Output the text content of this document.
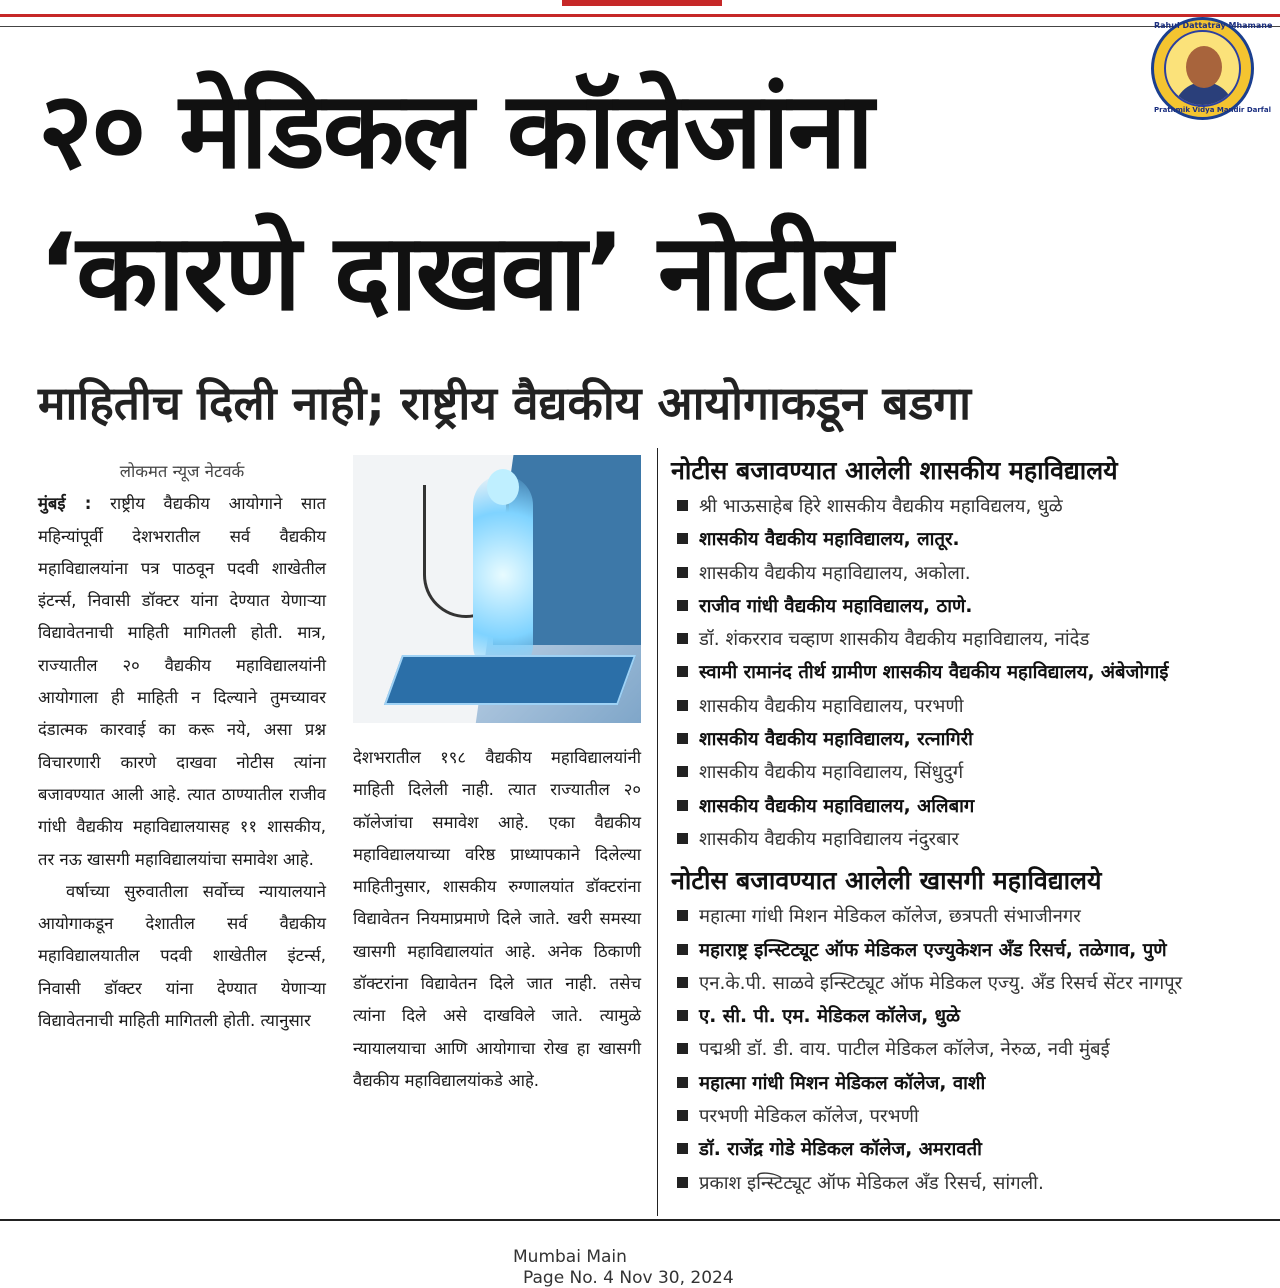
Rahul Dattatray Mhamane
Prathmik Vidya Mandir Darfal
२० मेडिकल कॉलेजांना
‘कारणे दाखवा’ नोटीस
माहितीच दिली नाही; राष्ट्रीय वैद्यकीय आयोगाकडून बडगा

लोकमत न्यूज नेटवर्क

मुंबई : राष्ट्रीय वैद्यकीय आयोगाने सात महिन्यांपूर्वी देशभरातील सर्व वैद्यकीय महाविद्यालयांना पत्र पाठवून पदवी शाखेतील इंटर्न्स, निवासी डॉक्टर यांना देण्यात येणाऱ्या विद्यावेतनाची माहिती मागितली होती. मात्र, राज्यातील २० वैद्यकीय महाविद्यालयांनी आयोगाला ही माहिती न दिल्याने तुमच्यावर दंडात्मक कारवाई का करू नये, असा प्रश्न विचारणारी कारणे दाखवा नोटीस त्यांना बजावण्यात आली आहे. त्यात ठाण्यातील राजीव गांधी वैद्यकीय महाविद्यालयासह ११ शासकीय, तर नऊ खासगी महाविद्यालयांचा समावेश आहे.

वर्षाच्या सुरुवातीला सर्वोच्च न्यायालयाने आयोगाकडून देशातील सर्व वैद्यकीय महाविद्यालयातील पदवी शाखेतील इंटर्न्स, निवासी डॉक्टर यांना देण्यात येणाऱ्या विद्यावेतनाची माहिती मागितली होती. त्यानुसार

देशभरातील १९८ वैद्यकीय महाविद्यालयांनी माहिती दिलेली नाही. त्यात राज्यातील २० कॉलेजांचा समावेश आहे. एका वैद्यकीय महाविद्यालयाच्या वरिष्ठ प्राध्यापकाने दिलेल्या माहितीनुसार, शासकीय रुग्णालयांत डॉक्टरांना विद्यावेतन नियमाप्रमाणे दिले जाते. खरी समस्या खासगी महाविद्यालयांत आहे. अनेक ठिकाणी डॉक्टरांना विद्यावेतन दिले जात नाही. तसेच त्यांना दिले असे दाखविले जाते. त्यामुळे न्यायालयाचा आणि आयोगाचा रोख हा खासगी वैद्यकीय महाविद्यालयांकडे आहे.

नोटीस बजावण्यात आलेली शासकीय महाविद्यालये
श्री भाऊसाहेब हिरे शासकीय वैद्यकीय महाविद्यलय, धुळे
शासकीय वैद्यकीय महाविद्यालय, लातूर.
शासकीय वैद्यकीय महाविद्यालय, अकोला.
राजीव गांधी वैद्यकीय महाविद्यालय, ठाणे.
डॉ. शंकरराव चव्हाण शासकीय वैद्यकीय महाविद्यालय, नांदेड
स्वामी रामानंद तीर्थ ग्रामीण शासकीय वैद्यकीय महाविद्यालय, अंबेजोगाई
शासकीय वैद्यकीय महाविद्यालय, परभणी
शासकीय वैद्यकीय महाविद्यालय, रत्नागिरी
शासकीय वैद्यकीय महाविद्यालय, सिंधुदुर्ग
शासकीय वैद्यकीय महाविद्यालय, अलिबाग
शासकीय वैद्यकीय महाविद्यालय नंदुरबार
नोटीस बजावण्यात आलेली खासगी महाविद्यालये
महात्मा गांधी मिशन मेडिकल कॉलेज, छत्रपती संभाजीनगर
महाराष्ट्र इन्स्टिट्यूट ऑफ मेडिकल एज्युकेशन अँड रिसर्च, तळेगाव, पुणे
एन.के.पी. साळवे इन्स्टिट्यूट ऑफ मेडिकल एज्यु. अँड रिसर्च सेंटर नागपूर
ए. सी. पी. एम. मेडिकल कॉलेज, धुळे
पद्मश्री डॉ. डी. वाय. पाटील मेडिकल कॉलेज, नेरुळ, नवी मुंबई
महात्मा गांधी मिशन मेडिकल कॉलेज, वाशी
परभणी मेडिकल कॉलेज, परभणी
डॉ. राजेंद्र गोडे मेडिकल कॉलेज, अमरावती
प्रकाश इन्स्टिट्यूट ऑफ मेडिकल अँड रिसर्च, सांगली.
Mumbai Main
Page No. 4 Nov 30, 2024
